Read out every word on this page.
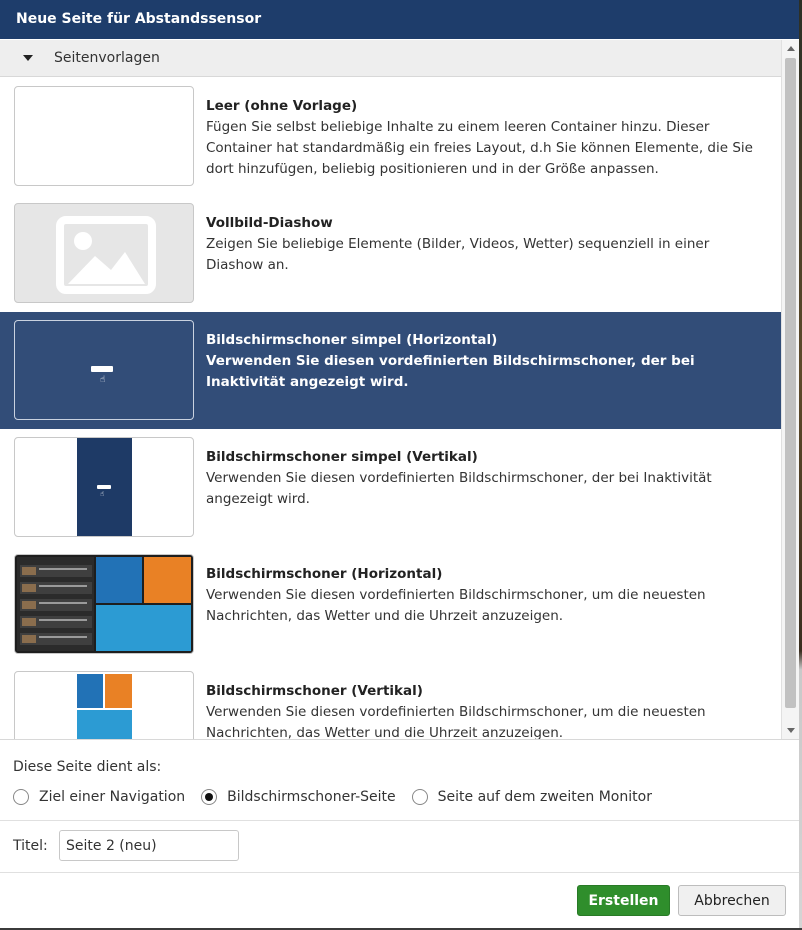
Neue Seite für Abstandssensor
Seitenvorlagen
Leer (ohne Vorlage)
Fügen Sie selbst beliebige Inhalte zu einem leeren Container hinzu. Dieser Container hat standardmäßig ein freies Layout, d.h Sie können Elemente, die Sie dort hinzufügen, beliebig positionieren und in der Größe anpassen.
Vollbild-Diashow
Zeigen Sie beliebige Elemente (Bilder, Videos, Wetter) sequenziell in einer Diashow an.
☝
Bildschirmschoner simpel (Horizontal)
Verwenden Sie diesen vordefinierten Bildschirmschoner, der bei Inaktivität angezeigt wird.
☝
Bildschirmschoner simpel (Vertikal)
Verwenden Sie diesen vordefinierten Bildschirmschoner, der bei Inaktivität angezeigt wird.
Bildschirmschoner (Horizontal)
Verwenden Sie diesen vordefinierten Bildschirmschoner, um die neuesten Nachrichten, das Wetter und die Uhrzeit anzuzeigen.
Bildschirmschoner (Vertikal)
Verwenden Sie diesen vordefinierten Bildschirmschoner, um die neuesten Nachrichten, das Wetter und die Uhrzeit anzuzeigen.
Diese Seite dient als:
Ziel einer Navigation	Bildschirmschoner-Seite	Seite auf dem zweiten Monitor
Titel:
Seite 2 (neu)
Erstellen	Abbrechen
